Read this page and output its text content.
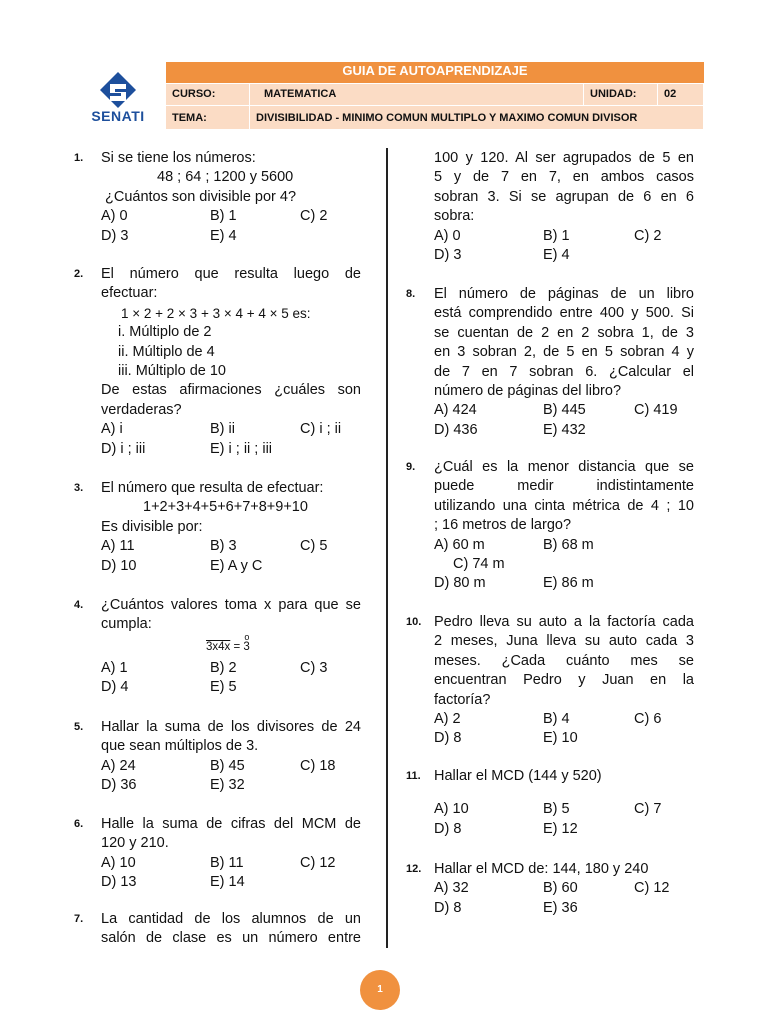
SENATI
GUIA DE AUTOAPRENDIZAJE
CURSO:	MATEMATICA	UNIDAD:	02
TEMA:	DIVISIBILIDAD - MINIMO COMUN MULTIPLO Y MAXIMO COMUN DIVISOR
1. Si se tiene los números:
48 ; 64 ; 1200 y 5600
¿Cuántos son divisible por 4?
A) 0	B) 1	C) 2
D) 3	E) 4
2. El número que resulta luego de
efectuar:
1 × 2 + 2 × 3 + 3 × 4 + 4 × 5 es:
i. Múltiplo de 2
ii. Múltiplo de 4
iii. Múltiplo de 10
De estas afirmaciones ¿cuáles son
verdaderas?
A) i	B) ii	C) i ; ii
D) i ; iii	E) i ; ii ; iii
3. El número que resulta de efectuar:
1+2+3+4+5+6+7+8+9+10
Es divisible por:
A) 11	B) 3	C) 5
D) 10	E) A y C
4. ¿Cuántos valores toma x para que se
cumpla:
3x4x =
o
3
A) 1	B) 2	C) 3
D) 4	E) 5
5. Hallar la suma de los divisores de 24
que sean múltiplos de 3.
A) 24	B) 45	C) 18
D) 36	E) 32
6. Halle la suma de cifras del MCM de
120 y 210.
A) 10	B) 11	C) 12
D) 13	E) 14
7. La cantidad de los alumnos de un
salón de clase es un número entre
100 y 120. Al ser agrupados de 5 en
5 y de 7 en 7, en ambos casos
sobran 3. Si se agrupan de 6 en 6
sobra:
A) 0	B) 1	C) 2
D) 3	E) 4
8. El número de páginas de un libro
está comprendido entre 400 y 500. Si
se cuentan de 2 en 2 sobra 1, de 3
en 3 sobran 2, de 5 en 5 sobran 4 y
de 7 en 7 sobran 6. ¿Calcular el
número de páginas del libro?
A) 424	B) 445	C) 419
D) 436	E) 432
9. ¿Cuál es la menor distancia que se
puede medir indistintamente
utilizando una cinta métrica de 4 ; 10
; 16 metros de largo?
A) 60 m	B) 68 m
C) 74 m
D) 80 m	E) 86 m
10. Pedro lleva su auto a la factoría cada
2 meses, Juna lleva su auto cada 3
meses. ¿Cada cuánto mes se
encuentran Pedro y Juan en la
factoría?
A) 2	B) 4	C) 6
D) 8	E) 10
11. Hallar el MCD (144 y 520)
A) 10	B) 5	C) 7
D) 8	E) 12
12. Hallar el MCD de: 144, 180 y 240
A) 32	B) 60	C) 12
D) 8	E) 36
1
